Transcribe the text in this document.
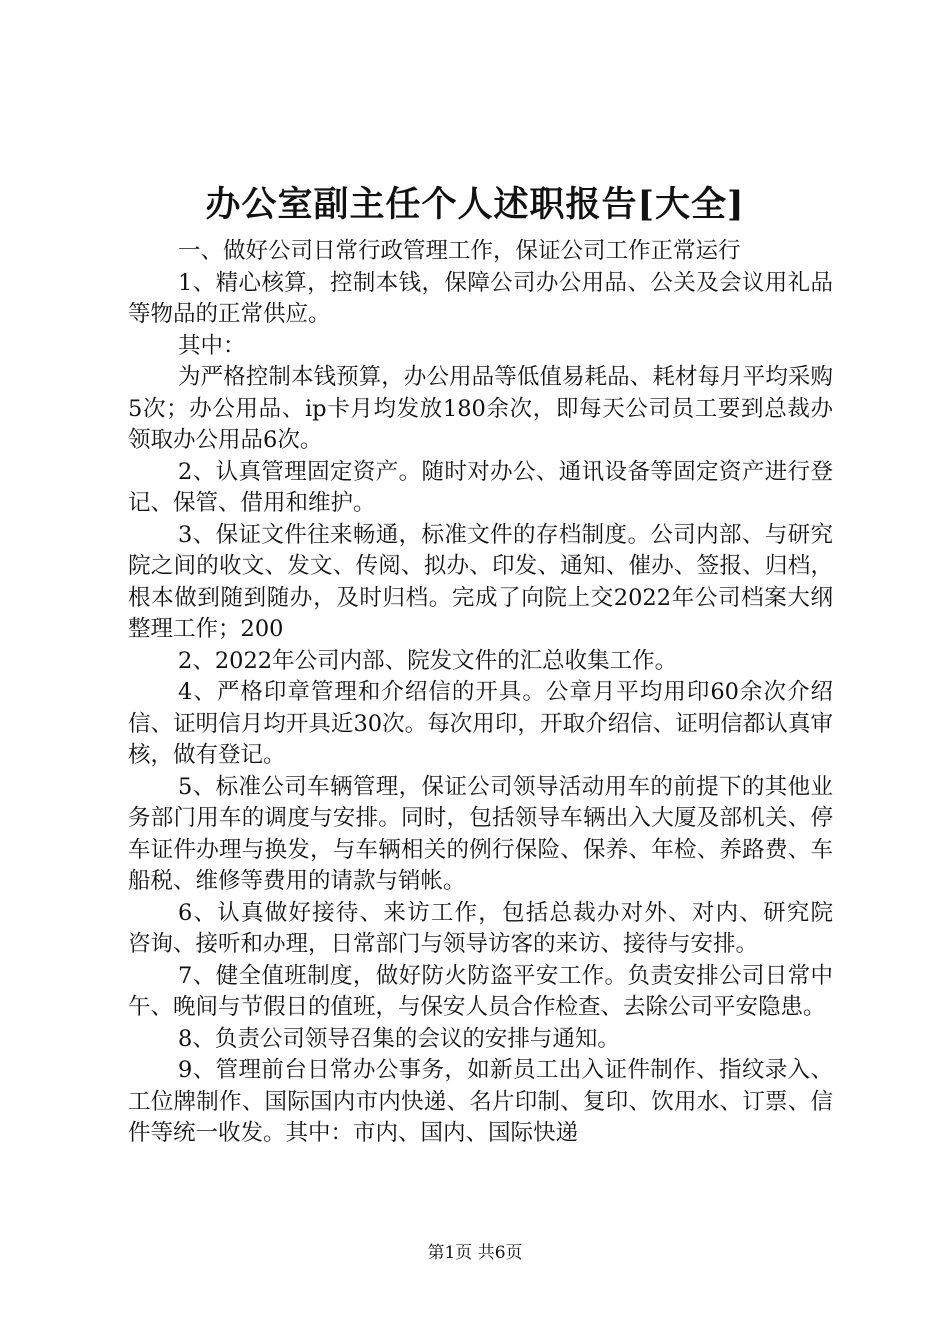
办公室副主任个人述职报告[大全]

一、做好公司日常行政管理工作，保证公司工作正常运行

1、精心核算，控制本钱，保障公司办公用品、公关及会议用礼品等物品的正常供应。

其中：

为严格控制本钱预算，办公用品等低值易耗品、耗材每月平均采购5次；办公用品、ip卡月均发放180余次，即每天公司员工要到总裁办领取办公用品6次。

2、认真管理固定资产。随时对办公、通讯设备等固定资产进行登记、保管、借用和维护。

3、保证文件往来畅通，标准文件的存档制度。公司内部、与研究院之间的收文、发文、传阅、拟办、印发、通知、催办、签报、归档，根本做到随到随办，及时归档。完成了向院上交2022年公司档案大纲整理工作；200

2、2022年公司内部、院发文件的汇总收集工作。

4、严格印章管理和介绍信的开具。公章月平均用印60余次介绍信、证明信月均开具近30次。每次用印，开取介绍信、证明信都认真审核，做有登记。

5、标准公司车辆管理，保证公司领导活动用车的前提下的其他业务部门用车的调度与安排。同时，包括领导车辆出入大厦及部机关、停车证件办理与换发，与车辆相关的例行保险、保养、年检、养路费、车船税、维修等费用的请款与销帐。

6、认真做好接待、来访工作，包括总裁办对外、对内、研究院　　咨询、接听和办理，日常部门与领导访客的来访、接待与安排。

7、健全值班制度，做好防火防盗平安工作。负责安排公司日常中午、晚间与节假日的值班，与保安人员合作检查、去除公司平安隐患。

8、负责公司领导召集的会议的安排与通知。

9、管理前台日常办公事务，如新员工出入证件制作、指纹录入、工位牌制作、国际国内市内快递、名片印制、复印、饮用水、订票、信件等统一收发。其中：市内、国内、国际快递

第1页 共6页
